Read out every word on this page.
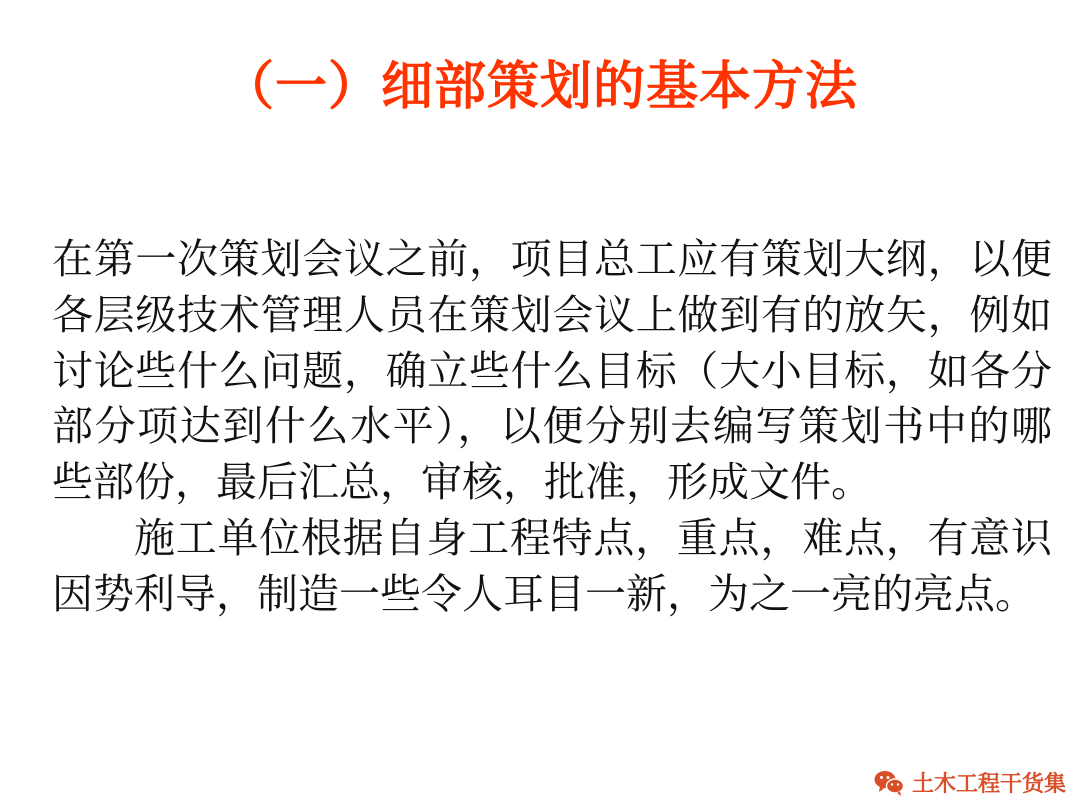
（一）细部策划的基本方法

在第一次策划会议之前，项目总工应有策划大纲，以便各层级技术管理人员在策划会议上做到有的放矢，例如讨论些什么问题，确立些什么目标（大小目标，如各分部分项达到什么水平），以便分别去编写策划书中的哪些部份，最后汇总，审核，批准，形成文件。

施工单位根据自身工程特点，重点，难点，有意识因势利导，制造一些令人耳目一新，为之一亮的亮点。

土木工程干货集
